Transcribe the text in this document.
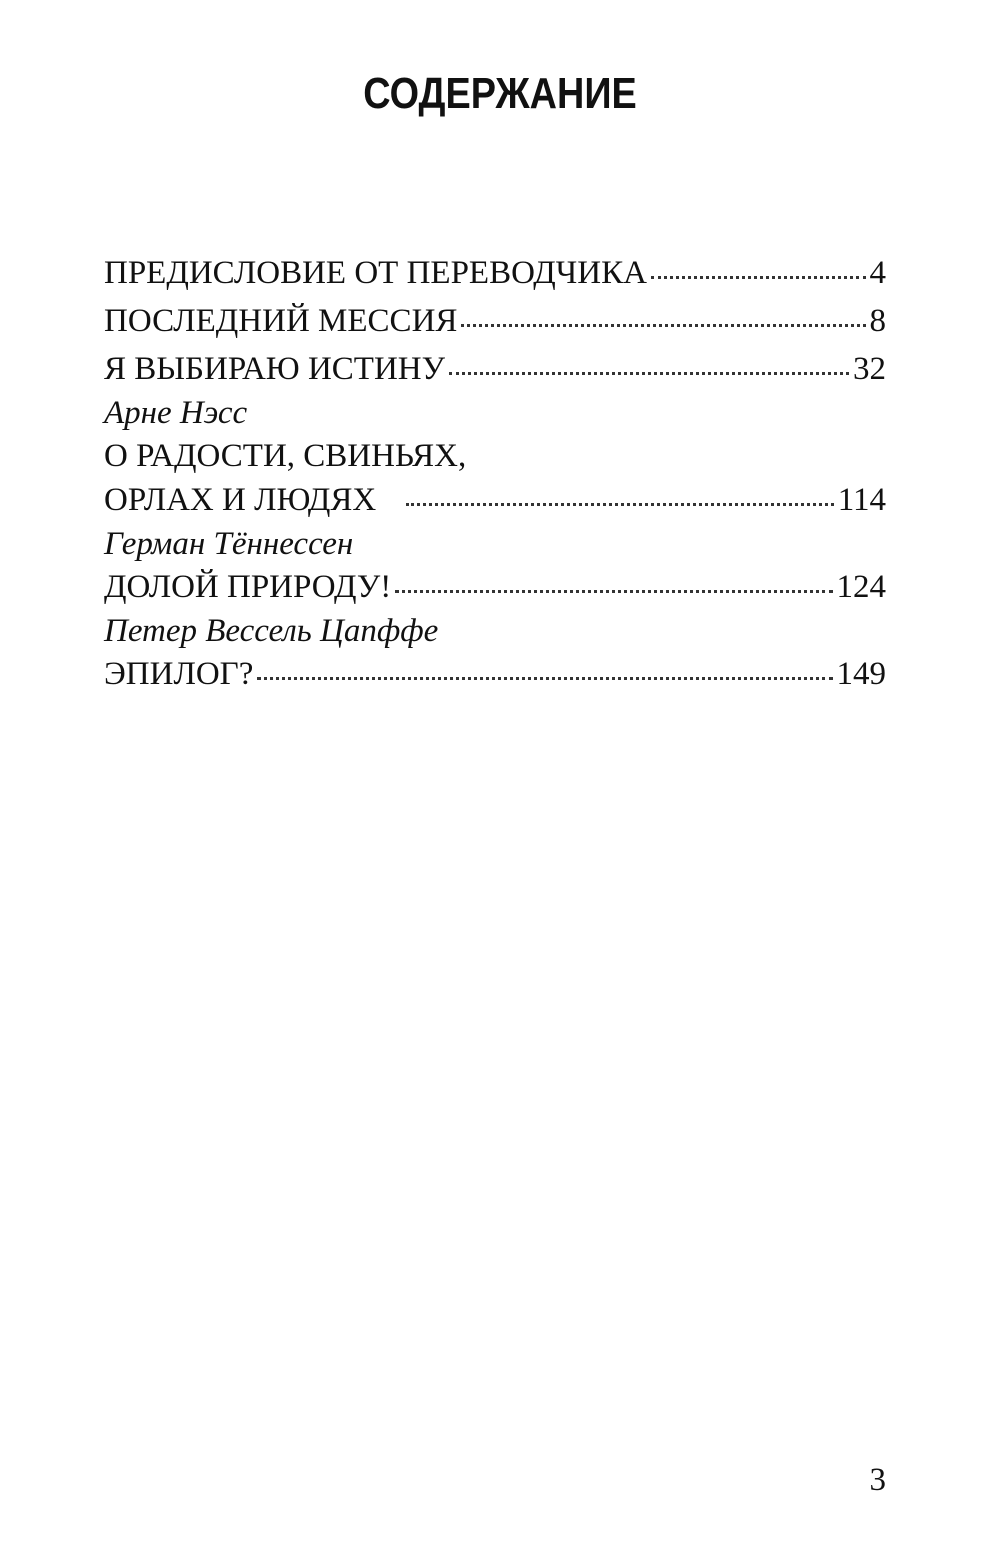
СОДЕРЖАНИЕ
ПРЕДИСЛОВИЕ ОТ ПЕРЕВОДЧИКА	4
ПОСЛЕДНИЙ МЕССИЯ	8
Я ВЫБИРАЮ ИСТИНУ	32
Арне Нэсс
О РАДОСТИ, СВИНЬЯХ,
ОРЛАХ И ЛЮДЯХ	114
Герман Тённессен
ДОЛОЙ ПРИРОДУ!	124
Петер Вессель Цапффе
ЭПИЛОГ?	149
3
